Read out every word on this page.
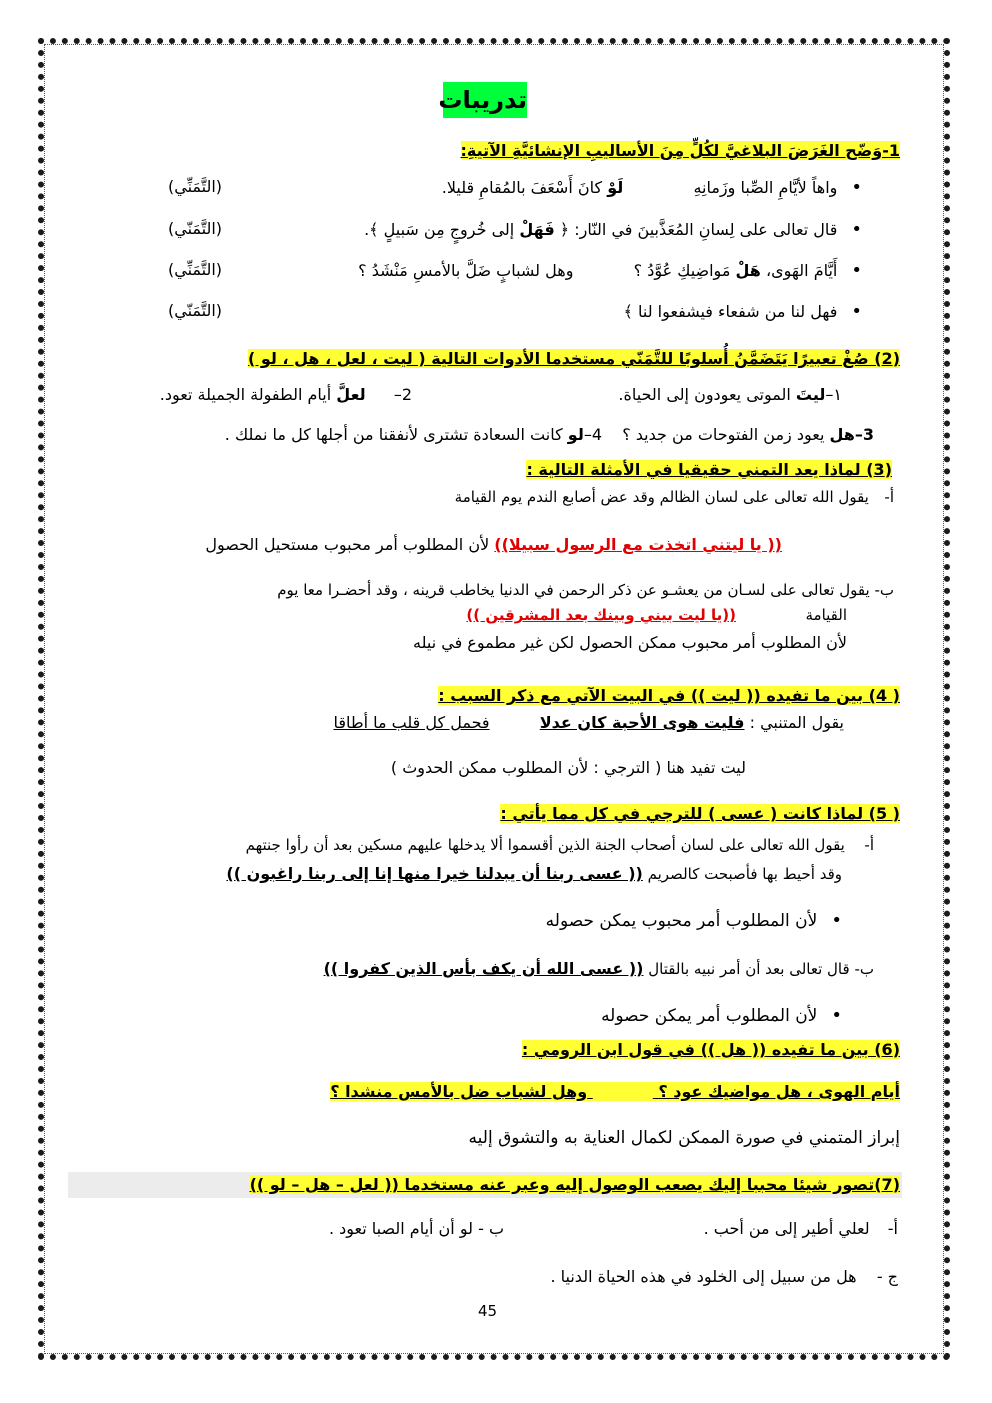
تدريبات
1-وَضّح الغَرَضَ البلاغيَّ لكُلٍّ مِنَ الأساليبِ الإنشائيَّةِ الآتيةِ:
• واهاً لأيَّامِ الصِّبا وزَمانِهِ  لَوْ كانَ أَسْعَفَ بالمُقامِ قليلا.
(التَّمَنِّي)
• قال تعالى على لِسانِ المُعَذَّبينَ في النّار: ﴿ فَهَلْ إلى خُروجٍ مِن سَبيلٍ ﴾.
(التَّمَنّي)
• أَيَّامَ الهَوى، هَلْ مَواضِيكِ عُوَّدُ ؟  وهل لشبابٍ ضَلَّ بالأمسِ مَنْشَدُ ؟
(التَّمَنِّي)
• فهل لنا من شفعاء فيشفعوا لنا ﴾
(التَّمَنّي)
(2) صُغْ تعبيرًا يَتَضَمَّنُ أُسلوبًا للتَّمَنّي مستخدما الأدوات التالية ( ليت ، لعل ، هل ، لو )
١–ليتَ الموتى يعودون إلى الحياة.
2–  لعلَّ أيام الطفولة الجميلة تعود.
3–هل يعود زمن الفتوحات من جديد ؟  4–لو كانت السعادة تشترى لأنفقنا من أجلها كل ما نملك .
(3) لماذا يعد التمني حقيقيا في الأمثلة التالية :
أ-  يقول الله تعالى على لسان الظالم وقد عض أصابع الندم يوم القيامة
(( يا ليتني اتخذت مع الرسول سبيلا)) لأن المطلوب أمر محبوب مستحيل الحصول
ب- يقول تعالى على لسـان من يعشـو عن ذكر الرحمن في الدنيا يخاطب قرينه ، وقد أحضـرا معا يوم
القيامة  ((يا ليت بيني وبينك بعد المشرقين ))
لأن المطلوب أمر محبوب ممكن الحصول لكن غير مطموع في نيله
( 4) بين ما تفيده (( ليت )) في البيت الآتي مع ذكر السبب :
يقول المتنبي : فليت هوى الأحبة كان عدلا  فحمل كل قلب ما أطاقا
ليت تفيد هنا ( الترجي : لأن المطلوب ممكن الحدوث )
( 5) لماذا كانت ( عسى ) للترجي في كل مما يأتي :
أ-  يقول الله تعالى على لسان أصحاب الجنة الذين أقسموا ألا يدخلها عليهم مسكين بعد أن رأوا جنتهم
وقد أحيط بها فأصبحت كالصريم (( عسى ربنا أن يبدلنا خيرا منها إنا إلى ربنا راغبون ))
• لأن المطلوب أمر محبوب يمكن حصوله
ب- قال تعالى بعد أن أمر نبيه بالقتال (( عسى الله أن يكف بأس الذين كفروا ))
• لأن المطلوب أمر يمكن حصوله
(6) بين ما تفيده (( هل )) في قول ابن الرومي :
أيام الهوى ، هل مواضيك عود ؟  وهل لشباب ضل بالأمس منشدا ؟
إبراز المتمني في صورة الممكن لكمال العناية به والتشوق إليه
(7)تصور شيئا محببا إليك يصعب الوصول إليه وعبر عنه مستخدما (( لعل – هل – لو ))
أ-  لعلي أطير إلى من أحب .
ب - لو أن أيام الصبا تعود .
ج -  هل من سبيل إلى الخلود في هذه الحياة الدنيا .
45
